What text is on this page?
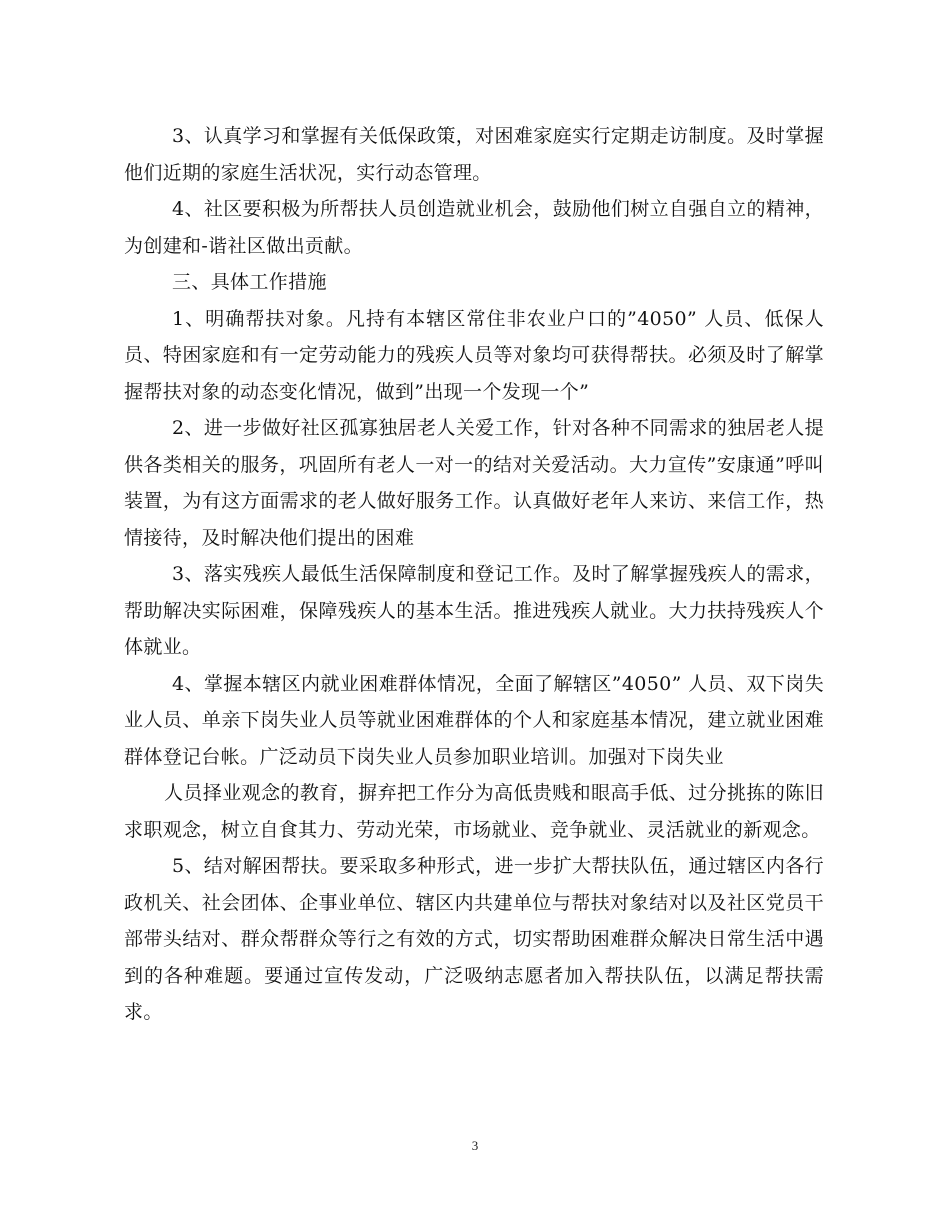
3、认真学习和掌握有关低保政策，对困难家庭实行定期走访制度。及时掌握他们近期的家庭生活状况，实行动态管理。

4、社区要积极为所帮扶人员创造就业机会，鼓励他们树立自强自立的精神，为创建和-谐社区做出贡献。

三、具体工作措施

1、明确帮扶对象。凡持有本辖区常住非农业户口的”4050” 人员、低保人员、特困家庭和有一定劳动能力的残疾人员等对象均可获得帮扶。必须及时了解掌握帮扶对象的动态变化情况，做到”出现一个发现一个”

2、进一步做好社区孤寡独居老人关爱工作，针对各种不同需求的独居老人提供各类相关的服务，巩固所有老人一对一的结对关爱活动。大力宣传”安康通”呼叫装置，为有这方面需求的老人做好服务工作。认真做好老年人来访、来信工作，热情接待，及时解决他们提出的困难

3、落实残疾人最低生活保障制度和登记工作。及时了解掌握残疾人的需求，帮助解决实际困难，保障残疾人的基本生活。推进残疾人就业。大力扶持残疾人个体就业。

4、掌握本辖区内就业困难群体情况，全面了解辖区”4050” 人员、双下岗失业人员、单亲下岗失业人员等就业困难群体的个人和家庭基本情况，建立就业困难群体登记台帐。广泛动员下岗失业人员参加职业培训。加强对下岗失业

人员择业观念的教育，摒弃把工作分为高低贵贱和眼高手低、过分挑拣的陈旧求职观念，树立自食其力、劳动光荣，市场就业、竞争就业、灵活就业的新观念。

5、结对解困帮扶。要采取多种形式，进一步扩大帮扶队伍，通过辖区内各行政机关、社会团体、企事业单位、辖区内共建单位与帮扶对象结对以及社区党员干部带头结对、群众帮群众等行之有效的方式，切实帮助困难群众解决日常生活中遇到的各种难题。要通过宣传发动，广泛吸纳志愿者加入帮扶队伍，以满足帮扶需求。

3
